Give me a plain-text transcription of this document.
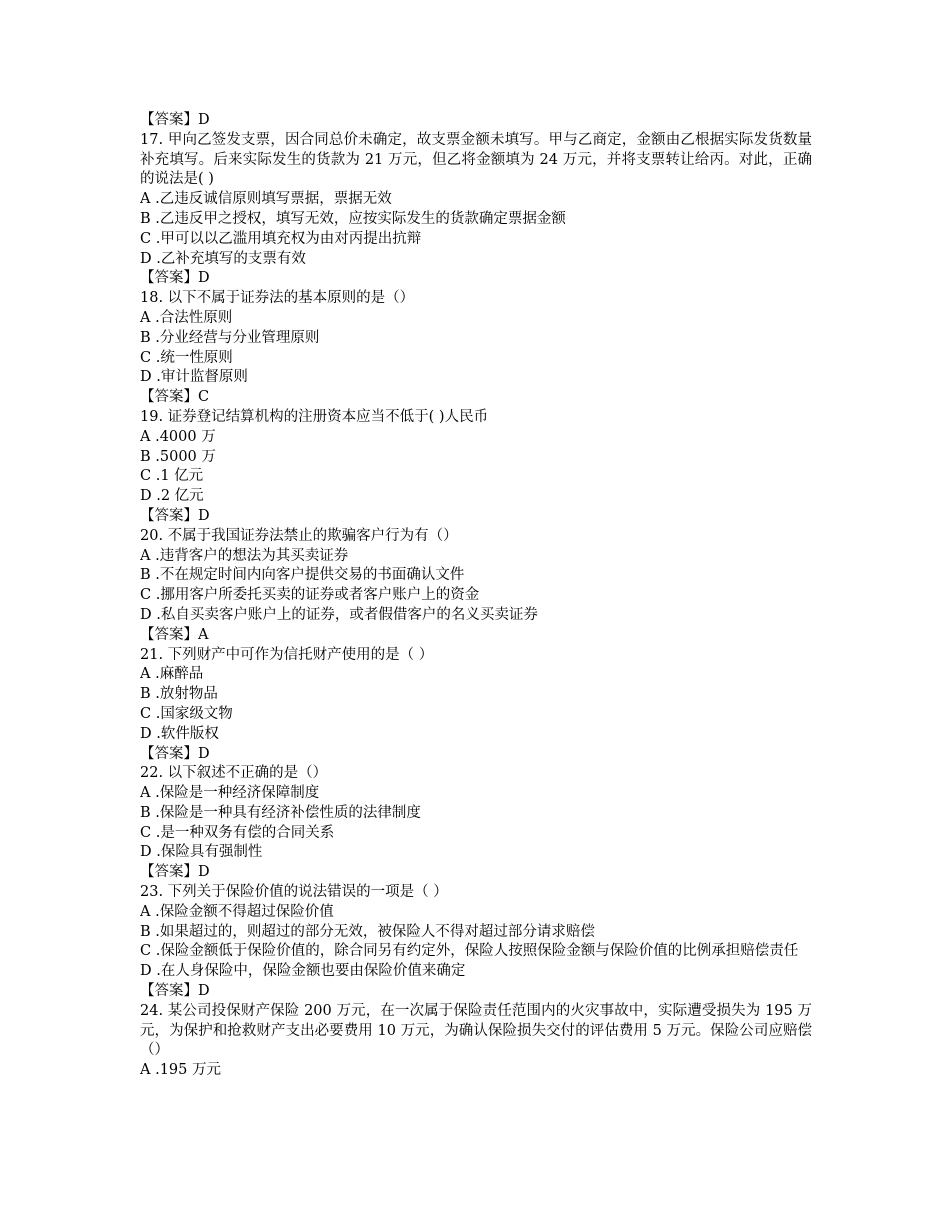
【答案】D
17. 甲向乙签发支票，因合同总价未确定，故支票金额未填写。甲与乙商定，金额由乙根据实际发货数量补充填写。后来实际发生的货款为 21 万元，但乙将金额填为 24 万元，并将支票转让给丙。对此，正确的说法是( )
A .乙违反诚信原则填写票据，票据无效
B .乙违反甲之授权，填写无效，应按实际发生的货款确定票据金额
C .甲可以以乙滥用填充权为由对丙提出抗辩
D .乙补充填写的支票有效
【答案】D
18. 以下不属于证券法的基本原则的是（）
A .合法性原则
B .分业经营与分业管理原则
C .统一性原则
D .审计监督原则
【答案】C
19. 证券登记结算机构的注册资本应当不低于( )人民币
A .4000 万
B .5000 万
C .1 亿元
D .2 亿元
【答案】D
20. 不属于我国证券法禁止的欺骗客户行为有（）
A .违背客户的想法为其买卖证券
B .不在规定时间内向客户提供交易的书面确认文件
C .挪用客户所委托买卖的证券或者客户账户上的资金
D .私自买卖客户账户上的证券，或者假借客户的名义买卖证券
【答案】A
21. 下列财产中可作为信托财产使用的是（ ）
A .麻醉品
B .放射物品
C .国家级文物
D .软件版权
【答案】D
22. 以下叙述不正确的是（）
A .保险是一种经济保障制度
B .保险是一种具有经济补偿性质的法律制度
C .是一种双务有偿的合同关系
D .保险具有强制性
【答案】D
23. 下列关于保险价值的说法错误的一项是（ ）
A .保险金额不得超过保险价值
B .如果超过的，则超过的部分无效，被保险人不得对超过部分请求赔偿
C .保险金额低于保险价值的，除合同另有约定外，保险人按照保险金额与保险价值的比例承担赔偿责任
D .在人身保险中，保险金额也要由保险价值来确定
【答案】D
24. 某公司投保财产保险 200 万元，在一次属于保险责任范围内的火灾事故中，实际遭受损失为 195 万元，为保护和抢救财产支出必要费用 10 万元，为确认保险损失交付的评估费用 5 万元。保险公司应赔偿（）
A .195 万元
